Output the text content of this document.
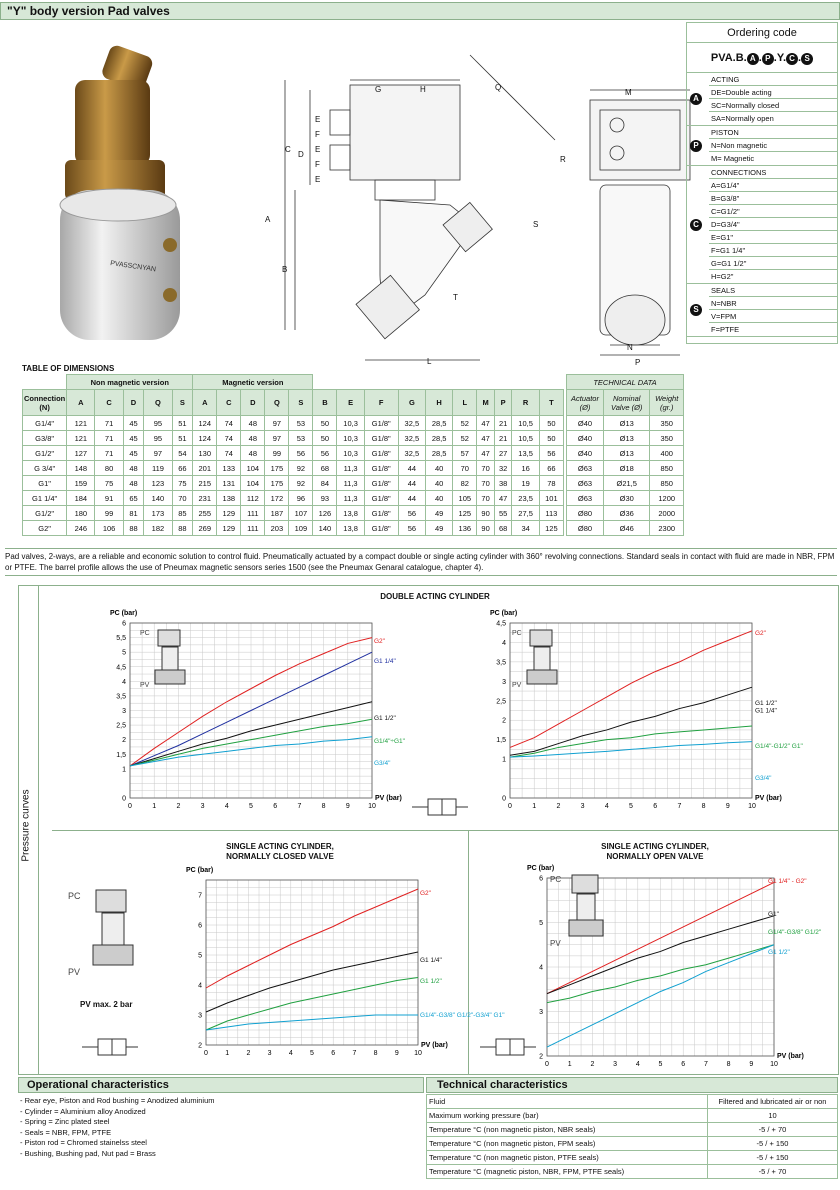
"Y" body version Pad valves
PVA5SCNYAN
G	H	Q
E
F
E
D
C
F
E
A
B
R
S
T
L
M
N
P
Ordering code
PVA.B. A . P .Y. C . S
A
ACTING
DE=Double acting
SC=Normally closed
SA=Normally open
P
PISTON
N=Non magnetic
M= Magnetic
C
CONNECTIONS
A=G1/4"
B=G3/8"
C=G1/2"
D=G3/4"
E=G1"
F=G1 1/4"
G=G1 1/2"
H=G2"
S
SEALS
N=NBR
V=FPM
F=PTFE
TABLE OF DIMENSIONS
	Non magnetic version					Magnetic version														
Connection (N)	A	C	D	Q	S	A	C	D	Q	S	B	E	F	G	H	L	M	P	R	T
G1/4"	121	71	45	95	51	124	74	48	97	53	50	10,3	G1/8"	32,5	28,5	52	47	21	10,5	50
G3/8"	121	71	45	95	51	124	74	48	97	53	50	10,3	G1/8"	32,5	28,5	52	47	21	10,5	50
G1/2"	127	71	45	97	54	130	74	48	99	56	56	10,3	G1/8"	32,5	28,5	57	47	27	13,5	56
G 3/4"	148	80	48	119	66	201	133	104	175	92	68	11,3	G1/8"	44	40	70	70	32	16	66
G1"	159	75	48	123	75	215	131	104	175	92	84	11,3	G1/8"	44	40	82	70	38	19	78
G1 1/4"	184	91	65	140	70	231	138	112	172	96	93	11,3	G1/8"	44	40	105	70	47	23,5	101
G1/2"	180	99	81	173	85	255	129	111	187	107	126	13,8	G1/8"	56	49	125	90	55	27,5	113
G2"	246	106	88	182	88	269	129	111	203	109	140	13,8	G1/8"	56	49	136	90	68	34	125
TECHNICAL DATA		
Actuator (Ø)	Nominal Valve (Ø)	Weight (gr.)
Ø40	Ø13	350
Ø40	Ø13	350
Ø40	Ø13	400
Ø63	Ø18	850
Ø63	Ø21,5	850
Ø63	Ø30	1200
Ø80	Ø36	2000
Ø80	Ø46	2300
Pad valves, 2-ways, are a reliable and economic solution to control fluid. Pneumatically actuated by a compact double or single acting cylinder with 360° revolving connections. Standard seals in contact with fluid are made in NBR, FPM or PTFE. The barrel profile allows the use of Pneumax magnetic sensors series 1500 (see the Pneumax Genaral catalogue, chapter 4).
Pressure curves
DOUBLE ACTING CYLINDER
SINGLE ACTING CYLINDER, NORMALLY CLOSED VALVE
SINGLE ACTING CYLINDER, NORMALLY OPEN VALVE
PV max. 2 bar
0	1	2	3	4	5	6	7	8	9	10
0
1
1,5
2
2,5
3
3,5
4
4,5
5
5,5
6
PC (bar)
PV (bar)
G2"
G1 1/4"
G1 1/2"
G1/4"÷G1"
G3/4"
0	1	2	3	4	5	6	7	8	9	10
0
1
1,5
2
2,5
3
3,5
4
4,5
PC (bar)
PV (bar)
G2"
G1 1/2" G1 1/4"
G1/4"-G1/2" G1"
G3/4"
0 1 2 3 4 5 6 7 8 9 10
2
3
4
5
6
7
PC (bar)
PV (bar)
G2"
G1 1/4"
G1 1/2"
G1/4"-G3/8" G1/2"-G3/4" G1"
0	1	2	3	4	5	6	7	8	9 10
2
3
4
5
6
PC (bar)
PV (bar)
G1 1/4" - G2"
G1"
G1/4"-G3/8" G1/2"
G1 1/2"
PC
PV
PC
PV
PC
PV
PC
PV
Operational characteristics
- Rear eye, Piston and Rod bushing = Anodized aluminium
- Cylinder = Aluminium alloy Anodized
- Spring = Zinc plated steel
- Seals = NBR, FPM, PTFE
- Piston rod = Chromed stainelss steel
- Bushing, Bushing pad, Nut pad = Brass
Technical characteristics
Fluid	Filtered and lubricated air or non
Maximum working pressure (bar)	10
Temperature °C (non magnetic piston, NBR seals)	-5 / + 70
Temperature °C (non magnetic piston, FPM seals)	-5 / + 150
Temperature °C (non magnetic piston, PTFE seals)	-5 / + 150
Temperature °C (magnetic piston, NBR, FPM, PTFE seals)	-5 / + 70
